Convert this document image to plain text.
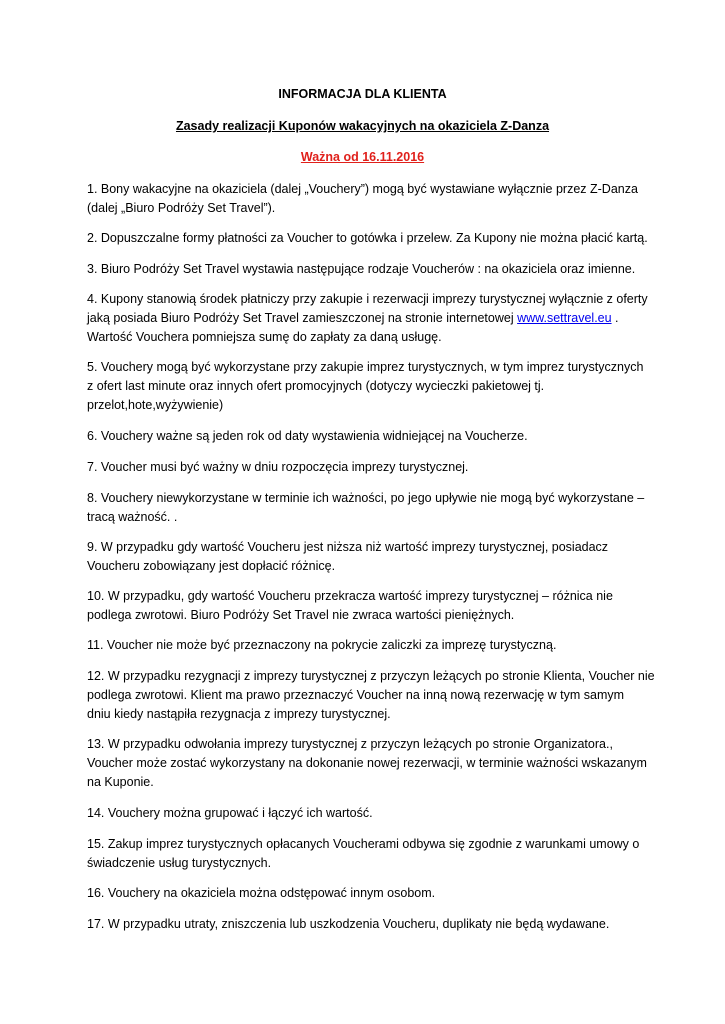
INFORMACJA DLA KLIENTA
Zasady realizacji Kuponów wakacyjnych na okaziciela Z-Danza
Ważna od 16.11.2016
1. Bony wakacyjne na okaziciela (dalej „Vouchery”) mogą być wystawiane wyłącznie przez Z-Danza
(dalej „Biuro Podróży Set Travel”).
2. Dopuszczalne formy płatności za Voucher to gotówka i przelew. Za Kupony nie można płacić kartą.
3. Biuro Podróży Set Travel wystawia następujące rodzaje Voucherów : na okaziciela oraz imienne.
4. Kupony stanowią środek płatniczy przy zakupie i rezerwacji imprezy turystycznej wyłącznie z oferty
jaką posiada Biuro Podróży Set Travel zamieszczonej na stronie internetowej www.settravel.eu .
Wartość Vouchera pomniejsza sumę do zapłaty za daną usługę.
5. Vouchery mogą być wykorzystane przy zakupie imprez turystycznych, w tym imprez turystycznych
z ofert last minute oraz innych ofert promocyjnych (dotyczy wycieczki pakietowej tj.
przelot,hote,wyżywienie)
6. Vouchery ważne są jeden rok od daty wystawienia widniejącej na Voucherze.
7. Voucher musi być ważny w dniu rozpoczęcia imprezy turystycznej.
8. Vouchery niewykorzystane w terminie ich ważności, po jego upływie nie mogą być wykorzystane –
tracą ważność. .
9. W przypadku gdy wartość Voucheru jest niższa niż wartość imprezy turystycznej, posiadacz
Voucheru zobowiązany jest dopłacić różnicę.
10. W przypadku, gdy wartość Voucheru przekracza wartość imprezy turystycznej – różnica nie
podlega zwrotowi. Biuro Podróży Set Travel nie zwraca wartości pieniężnych.
11. Voucher nie może być przeznaczony na pokrycie zaliczki za imprezę turystyczną.
12. W przypadku rezygnacji z imprezy turystycznej z przyczyn leżących po stronie Klienta, Voucher nie
podlega zwrotowi. Klient ma prawo przeznaczyć Voucher na inną nową rezerwację w tym samym
dniu kiedy nastąpiła rezygnacja z imprezy turystycznej.
13. W przypadku odwołania imprezy turystycznej z przyczyn leżących po stronie Organizatora.,
Voucher może zostać wykorzystany na dokonanie nowej rezerwacji, w terminie ważności wskazanym
na Kuponie.
14. Vouchery można grupować i łączyć ich wartość.
15. Zakup imprez turystycznych opłacanych Voucherami odbywa się zgodnie z warunkami umowy o
świadczenie usług turystycznych.
16. Vouchery na okaziciela można odstępować innym osobom.
17. W przypadku utraty, zniszczenia lub uszkodzenia Voucheru, duplikaty nie będą wydawane.
